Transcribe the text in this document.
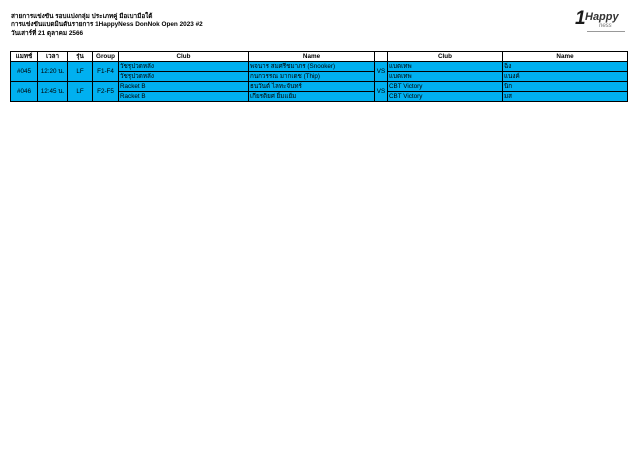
สายการแข่งขัน รอบแบ่งกลุ่ม ประเภทคู่ มือเบามือใต้
การแข่งขันแบดมินตันรายการ 1HappyNess DonNok Open 2023 #2
วันเสาร์ที่ 21 ตุลาคม 2566
1 Happy
ness
แมทช์	เวลา	รุ่น	Group	Club	Name		Club	Name
#045	12:20 น.	LF	F1-F4	วัชรุปวดหลัง	พจนาร สมศรีชมาภร (Snooker)	VS	แบตเทพ	ฉิ่ง
				วัชรุปวดหลัง	กนกวรรณ มากเดช (Thip)		แบตเทพ	แนงค์
#046	12:45 น.	LF	F2-F5	Racket B	ธนวันต์ ไลทะจันทร์	VS	CBT Victory	นิก
				Racket B	เกียรติยศ ยิ้มแย้ม		CBT Victory	มส
